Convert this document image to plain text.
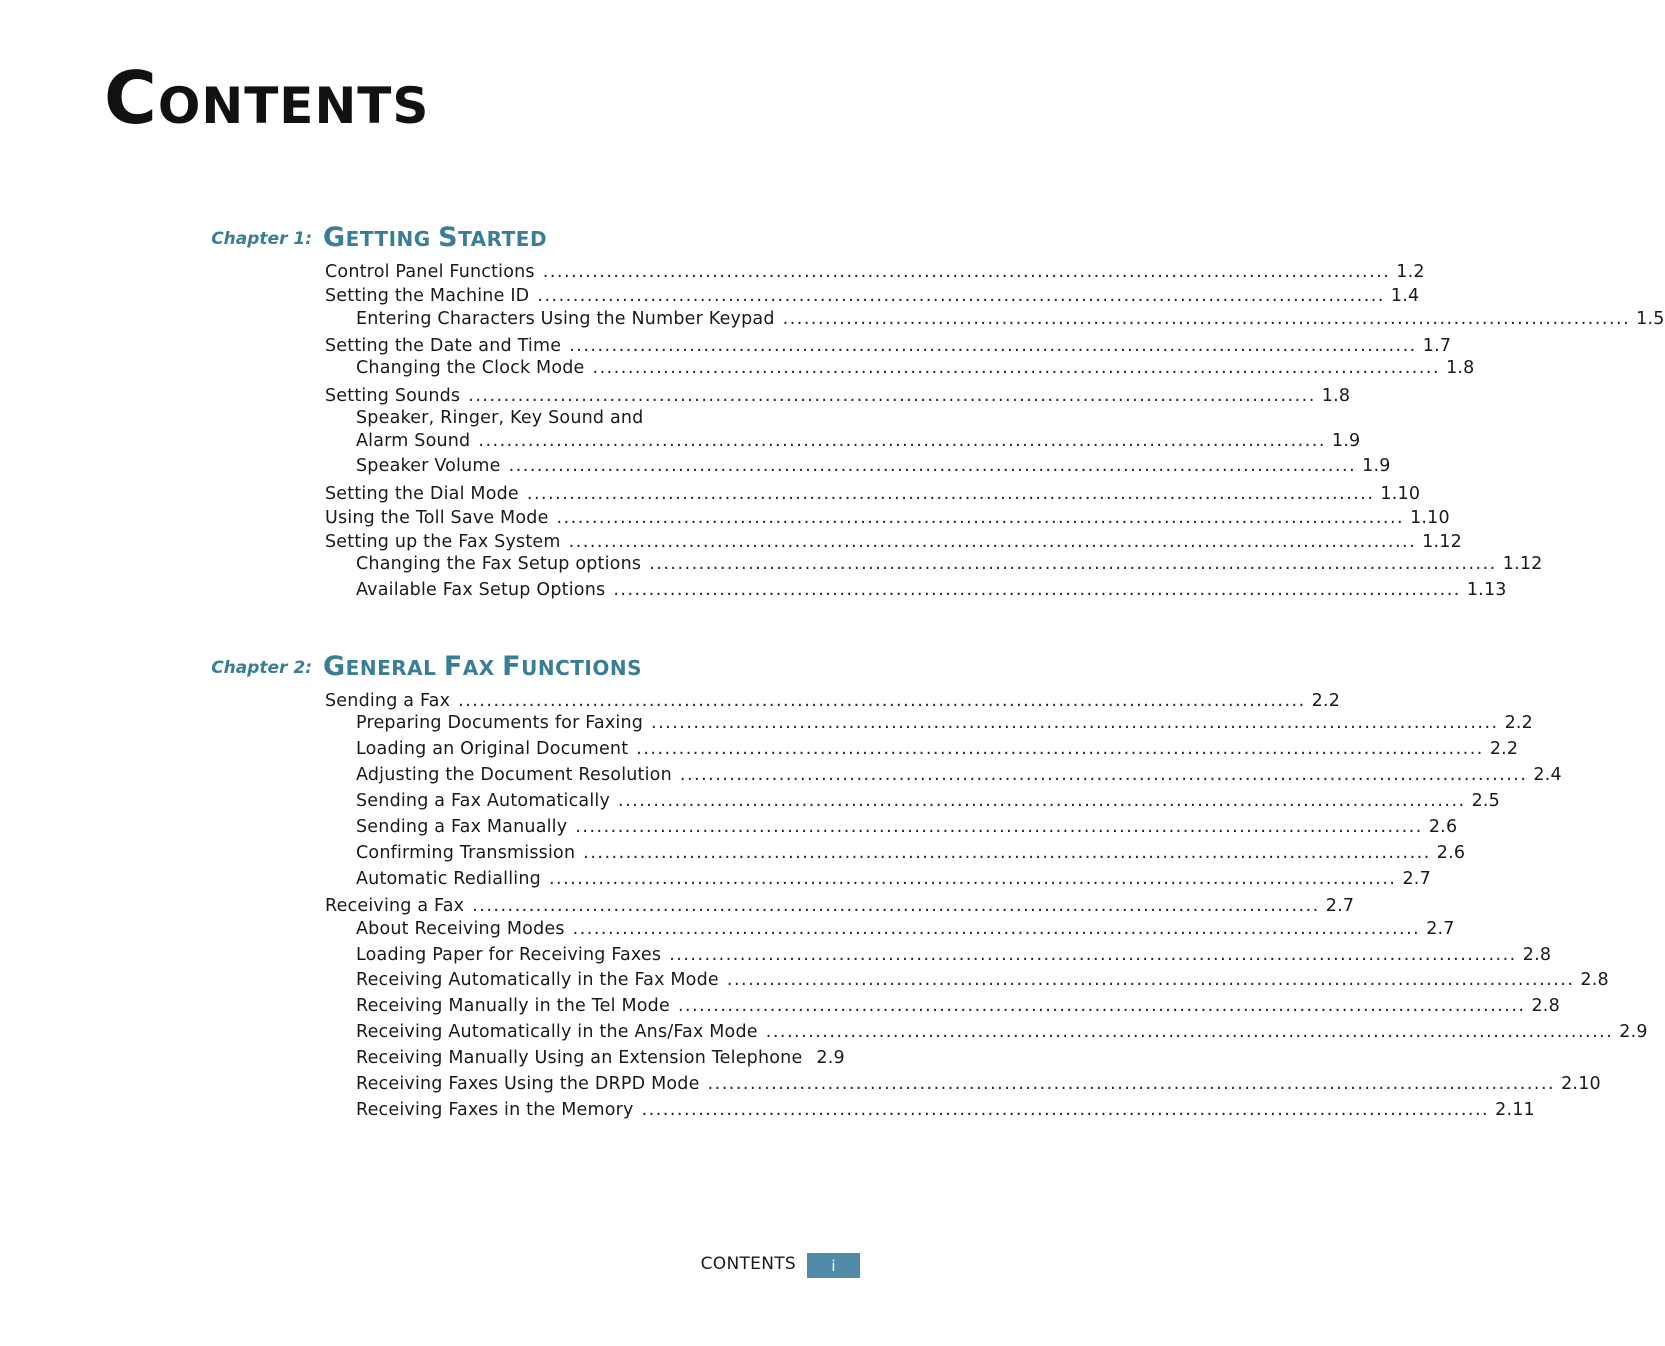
CONTENTS
Chapter 1: GETTING STARTED
Control Panel Functions ........................................................................................................................ 1.2
Setting the Machine ID ........................................................................................................................ 1.4
Entering Characters Using the Number Keypad ........................................................................................................................ 1.5
Setting the Date and Time ........................................................................................................................ 1.7
Changing the Clock Mode ........................................................................................................................ 1.8
Setting Sounds ........................................................................................................................ 1.8
Speaker, Ringer, Key Sound and
Alarm Sound ........................................................................................................................ 1.9
Speaker Volume ........................................................................................................................ 1.9
Setting the Dial Mode ........................................................................................................................ 1.10
Using the Toll Save Mode ........................................................................................................................ 1.10
Setting up the Fax System ........................................................................................................................ 1.12
Changing the Fax Setup options ........................................................................................................................ 1.12
Available Fax Setup Options ........................................................................................................................ 1.13
Chapter 2: GENERAL FAX FUNCTIONS
Sending a Fax ........................................................................................................................ 2.2
Preparing Documents for Faxing ........................................................................................................................ 2.2
Loading an Original Document ........................................................................................................................ 2.2
Adjusting the Document Resolution ........................................................................................................................ 2.4
Sending a Fax Automatically ........................................................................................................................ 2.5
Sending a Fax Manually ........................................................................................................................ 2.6
Confirming Transmission ........................................................................................................................ 2.6
Automatic Redialling ........................................................................................................................ 2.7
Receiving a Fax ........................................................................................................................ 2.7
About Receiving Modes ........................................................................................................................ 2.7
Loading Paper for Receiving Faxes ........................................................................................................................ 2.8
Receiving Automatically in the Fax Mode ........................................................................................................................ 2.8
Receiving Manually in the Tel Mode ........................................................................................................................ 2.8
Receiving Automatically in the Ans/Fax Mode ........................................................................................................................ 2.9
Receiving Manually Using an Extension Telephone 2.9
Receiving Faxes Using the DRPD Mode ........................................................................................................................ 2.10
Receiving Faxes in the Memory ........................................................................................................................ 2.11
CONTENTS	i
